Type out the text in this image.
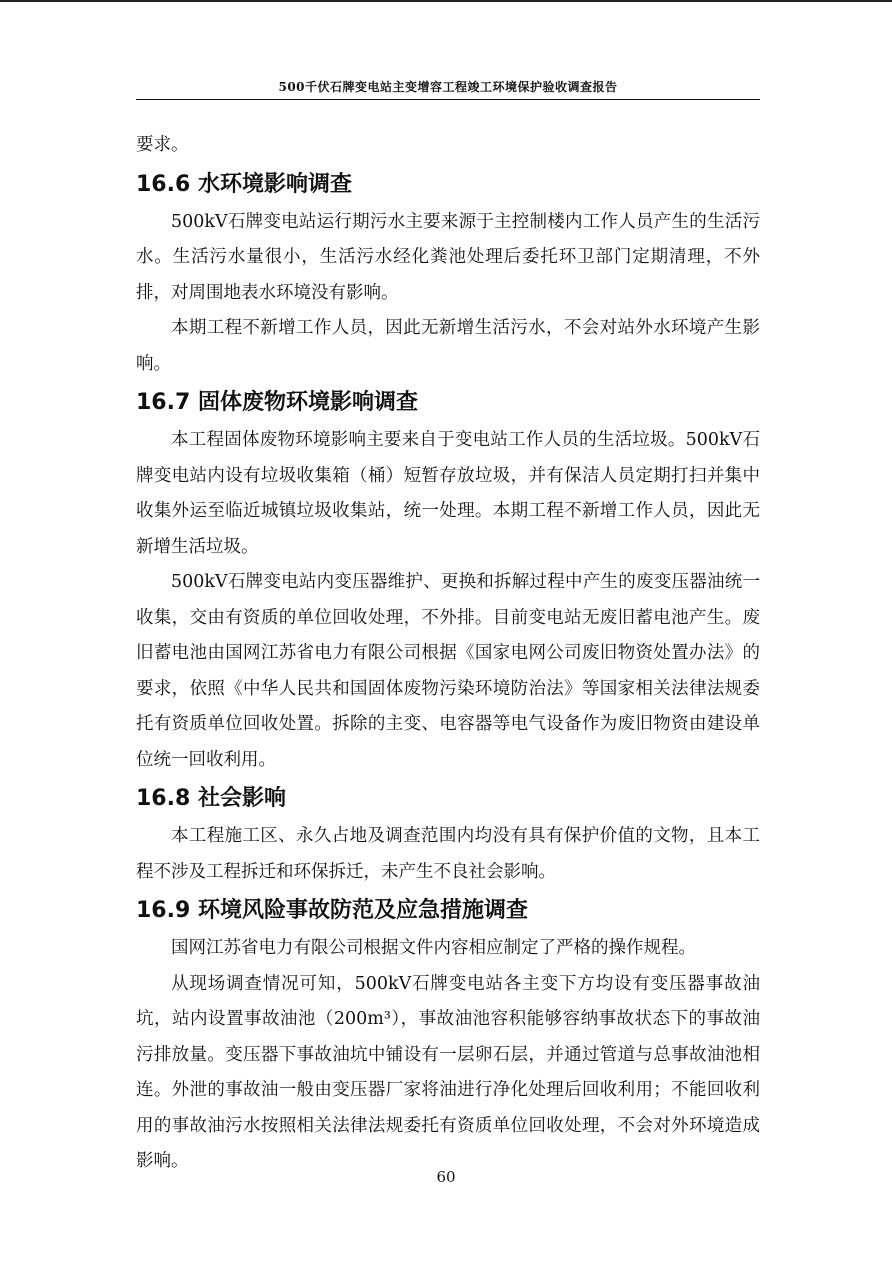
500千伏石牌变电站主变增容工程竣工环境保护验收调查报告

要求。

16.6 水环境影响调查

500kV石牌变电站运行期污水主要来源于主控制楼内工作人员产生的生活污水。生活污水量很小，生活污水经化粪池处理后委托环卫部门定期清理，不外排，对周围地表水环境没有影响。

本期工程不新增工作人员，因此无新增生活污水，不会对站外水环境产生影响。

16.7 固体废物环境影响调查

本工程固体废物环境影响主要来自于变电站工作人员的生活垃圾。500kV石牌变电站内设有垃圾收集箱（桶）短暂存放垃圾，并有保洁人员定期打扫并集中收集外运至临近城镇垃圾收集站，统一处理。本期工程不新增工作人员，因此无新增生活垃圾。

500kV石牌变电站内变压器维护、更换和拆解过程中产生的废变压器油统一收集，交由有资质的单位回收处理，不外排。目前变电站无废旧蓄电池产生。废旧蓄电池由国网江苏省电力有限公司根据《国家电网公司废旧物资处置办法》的要求，依照《中华人民共和国固体废物污染环境防治法》等国家相关法律法规委托有资质单位回收处置。拆除的主变、电容器等电气设备作为废旧物资由建设单位统一回收利用。

16.8 社会影响

本工程施工区、永久占地及调查范围内均没有具有保护价值的文物，且本工程不涉及工程拆迁和环保拆迁，未产生不良社会影响。

16.9 环境风险事故防范及应急措施调查

国网江苏省电力有限公司根据文件内容相应制定了严格的操作规程。

从现场调查情况可知，500kV石牌变电站各主变下方均设有变压器事故油坑，站内设置事故油池（200m³），事故油池容积能够容纳事故状态下的事故油污排放量。变压器下事故油坑中铺设有一层卵石层，并通过管道与总事故油池相连。外泄的事故油一般由变压器厂家将油进行净化处理后回收利用；不能回收利用的事故油污水按照相关法律法规委托有资质单位回收处理，不会对外环境造成影响。

60
